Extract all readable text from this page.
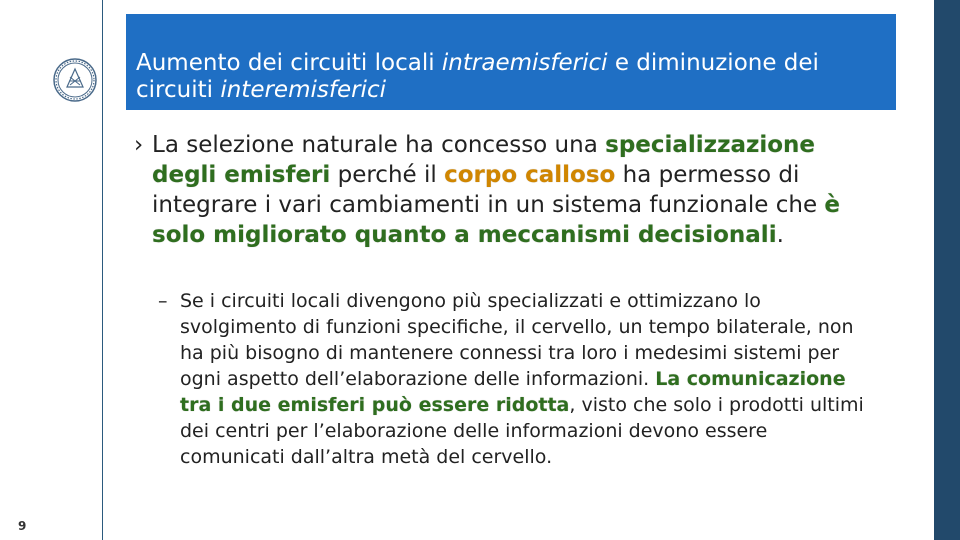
Aumento dei circuiti locali intraemisferici e diminuzione dei circuiti interemisferici
› La selezione naturale ha concesso una specializzazione degli emisferi perché il corpo calloso ha permesso di integrare i vari cambiamenti in un sistema funzionale che è solo migliorato quanto a meccanismi decisionali.
– Se i circuiti locali divengono più specializzati e ottimizzano lo svolgimento di funzioni specifiche, il cervello, un tempo bilaterale, non ha più bisogno di mantenere connessi tra loro i medesimi sistemi per ogni aspetto dell’elaborazione delle informazioni. La comunicazione tra i due emisferi può essere ridotta, visto che solo i prodotti ultimi dei centri per l’elaborazione delle informazioni devono essere comunicati dall’altra metà del cervello.
9
